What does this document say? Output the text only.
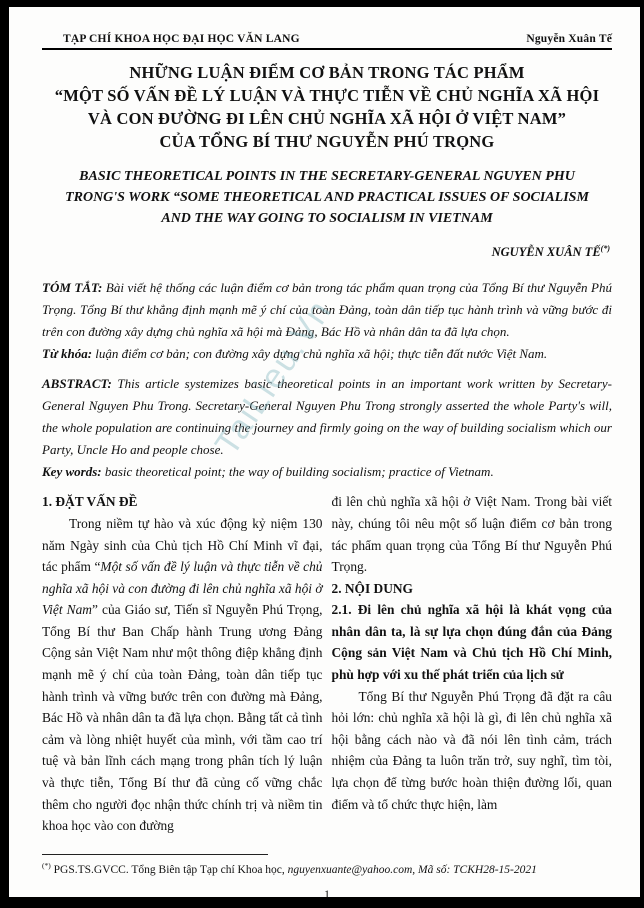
TaiLieu.Vn
TẠP CHÍ KHOA HỌC ĐẠI HỌC VĂN LANG	Nguyễn Xuân Tế
NHỮNG LUẬN ĐIỂM CƠ BẢN TRONG TÁC PHẨM
“MỘT SỐ VẤN ĐỀ LÝ LUẬN VÀ THỰC TIỄN VỀ CHỦ NGHĨA XÃ HỘI
VÀ CON ĐƯỜNG ĐI LÊN CHỦ NGHĨA XÃ HỘI Ở VIỆT NAM”
CỦA TỔNG BÍ THƯ NGUYỄN PHÚ TRỌNG
BASIC THEORETICAL POINTS IN THE SECRETARY-GENERAL NGUYEN PHU
TRONG'S WORK “SOME THEORETICAL AND PRACTICAL ISSUES OF SOCIALISM
AND THE WAY GOING TO SOCIALISM IN VIETNAM
NGUYỄN XUÂN TẾ(*)
TÓM TẮT: Bài viết hệ thống các luận điểm cơ bản trong tác phẩm quan trọng của Tổng Bí thư Nguyễn Phú Trọng. Tổng Bí thư khẳng định mạnh mẽ ý chí của toàn Đảng, toàn dân tiếp tục hành trình và vững bước đi trên con đường xây dựng chủ nghĩa xã hội mà Đảng, Bác Hồ và nhân dân ta đã lựa chọn.
Từ khóa: luận điểm cơ bản; con đường xây dựng chủ nghĩa xã hội; thực tiễn đất nước Việt Nam.
ABSTRACT: This article systemizes basic theoretical points in an important work written by Secretary-General Nguyen Phu Trong. Secretary-General Nguyen Phu Trong strongly asserted the whole Party's will, the whole population are continuing the journey and firmly going on the way of building socialism which our Party, Uncle Ho and people chose.
Key words: basic theoretical point; the way of building socialism; practice of Vietnam.
1. ĐẶT VẤN ĐỀ

Trong niềm tự hào và xúc động kỷ niệm 130 năm Ngày sinh của Chủ tịch Hồ Chí Minh vĩ đại, tác phẩm “Một số vấn đề lý luận và thực tiễn về chủ nghĩa xã hội và con đường đi lên chủ nghĩa xã hội ở Việt Nam” của Giáo sư, Tiến sĩ Nguyễn Phú Trọng, Tổng Bí thư Ban Chấp hành Trung ương Đảng Cộng sản Việt Nam như một thông điệp khẳng định mạnh mẽ ý chí của toàn Đảng, toàn dân tiếp tục hành trình và vững bước trên con đường mà Đảng, Bác Hồ và nhân dân ta đã lựa chọn. Bằng tất cả tình cảm và lòng nhiệt huyết của mình, với tầm cao trí tuệ và bản lĩnh cách mạng trong phân tích lý luận và thực tiễn, Tổng Bí thư đã củng cố vững chắc thêm cho người đọc nhận thức chính trị và niềm tin khoa học vào con đường

đi lên chủ nghĩa xã hội ở Việt Nam. Trong bài viết này, chúng tôi nêu một số luận điểm cơ bản trong tác phẩm quan trọng của Tổng Bí thư Nguyễn Phú Trọng.

2. NỘI DUNG
2.1. Đi lên chủ nghĩa xã hội là khát vọng của nhân dân ta, là sự lựa chọn đúng đắn của Đảng Cộng sản Việt Nam và Chủ tịch Hồ Chí Minh, phù hợp với xu thế phát triển của lịch sử

Tổng Bí thư Nguyễn Phú Trọng đã đặt ra câu hỏi lớn: chủ nghĩa xã hội là gì, đi lên chủ nghĩa xã hội bằng cách nào và đã nói lên tình cảm, trách nhiệm của Đảng ta luôn trăn trở, suy nghĩ, tìm tòi, lựa chọn để từng bước hoàn thiện đường lối, quan điểm và tổ chức thực hiện, làm

(*) PGS.TS.GVCC. Tổng Biên tập Tạp chí Khoa học, nguyenxuante@yahoo.com, Mã số: TCKH28-15-2021
1
